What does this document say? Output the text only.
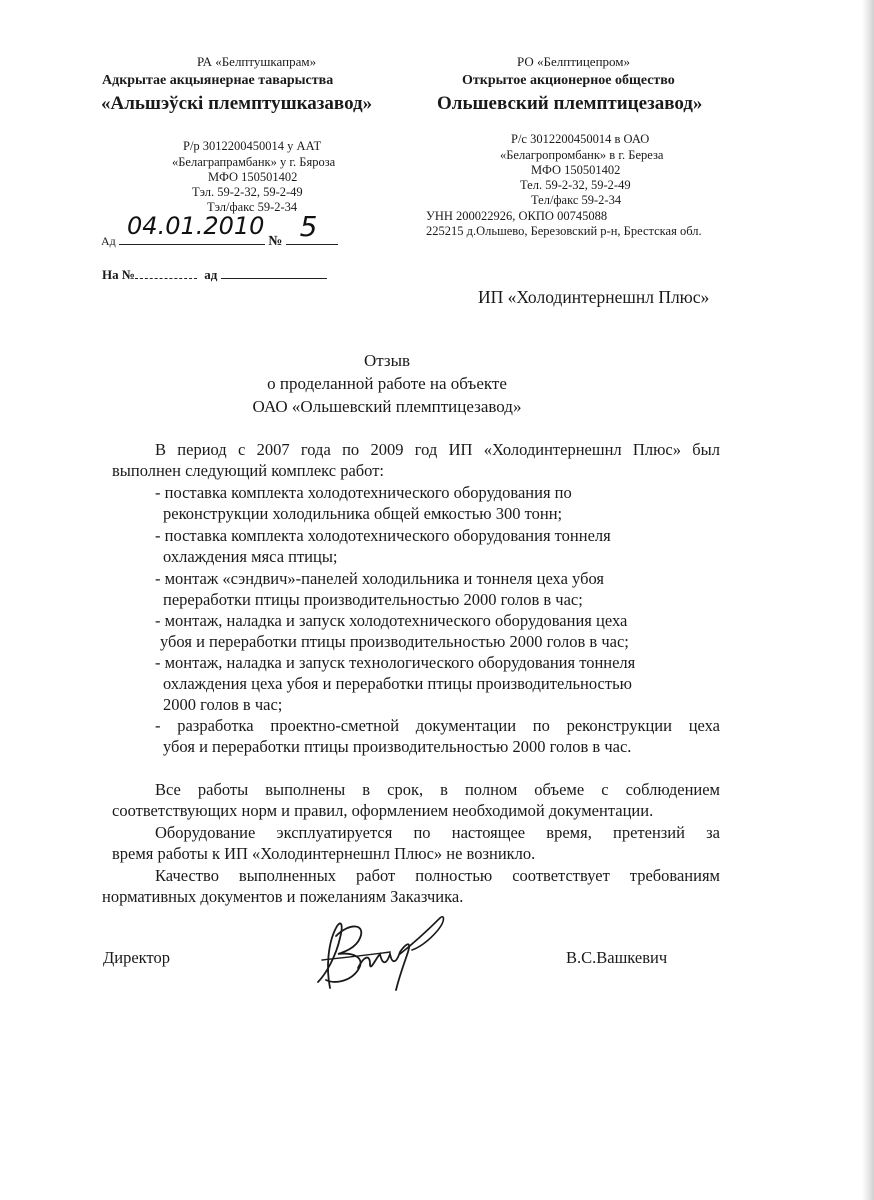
РА «Белптушкапрам»
Адкрытае акцыянернае таварыства
«Альшэўскі племптушказавод»
Р/р 3012200450014 у ААТ
«Белаграпрамбанк» у г. Бяроза
МФО 150501402
Тэл. 59-2-32, 59-2-49
Тэл/факс 59-2-34
РО «Белптицепром»
Открытое акционерное общество
Ольшевский племптицезавод»
Р/с 3012200450014 в ОАО
«Белагропромбанк» в г. Береза
МФО 150501402
Тел. 59-2-32, 59-2-49
Тел/факс 59-2-34
УНН 200022926, ОКПО 00745088
225215 д.Ольшево, Березовский р-н, Брестская обл.
Ад
04.01.2010
№ 5
На №	ад
ИП «Холодинтернешнл Плюс»
Отзыв
о проделанной работе на объекте
ОАО «Ольшевский племптицезавод»
В период с 2007 года по 2009 год ИП «Холодинтернешнл Плюс» был
выполнен следующий комплекс работ:
- поставка комплекта холодотехнического оборудования по
реконструкции холодильника общей емкостью 300 тонн;
- поставка комплекта холодотехнического оборудования тоннеля
охлаждения мяса птицы;
- монтаж «сэндвич»-панелей холодильника и тоннеля цеха убоя
переработки птицы производительностью 2000 голов в час;
- монтаж, наладка и запуск холодотехнического оборудования цеха
убоя и переработки птицы производительностью 2000 голов в час;
- монтаж, наладка и запуск технологического оборудования тоннеля
охлаждения цеха убоя и переработки птицы производительностью
2000 голов в час;
- разработка проектно-сметной документации по реконструкции цеха
убоя и переработки птицы производительностью 2000 голов в час.
Все работы выполнены в срок, в полном объеме с соблюдением
соответствующих норм и правил, оформлением необходимой документации.
Оборудование эксплуатируется по настоящее время, претензий за
время работы к ИП «Холодинтернешнл Плюс» не возникло.
Качество выполненных работ полностью соответствует требованиям
нормативных документов и пожеланиям Заказчика.
Директор	В.С.Вашкевич
